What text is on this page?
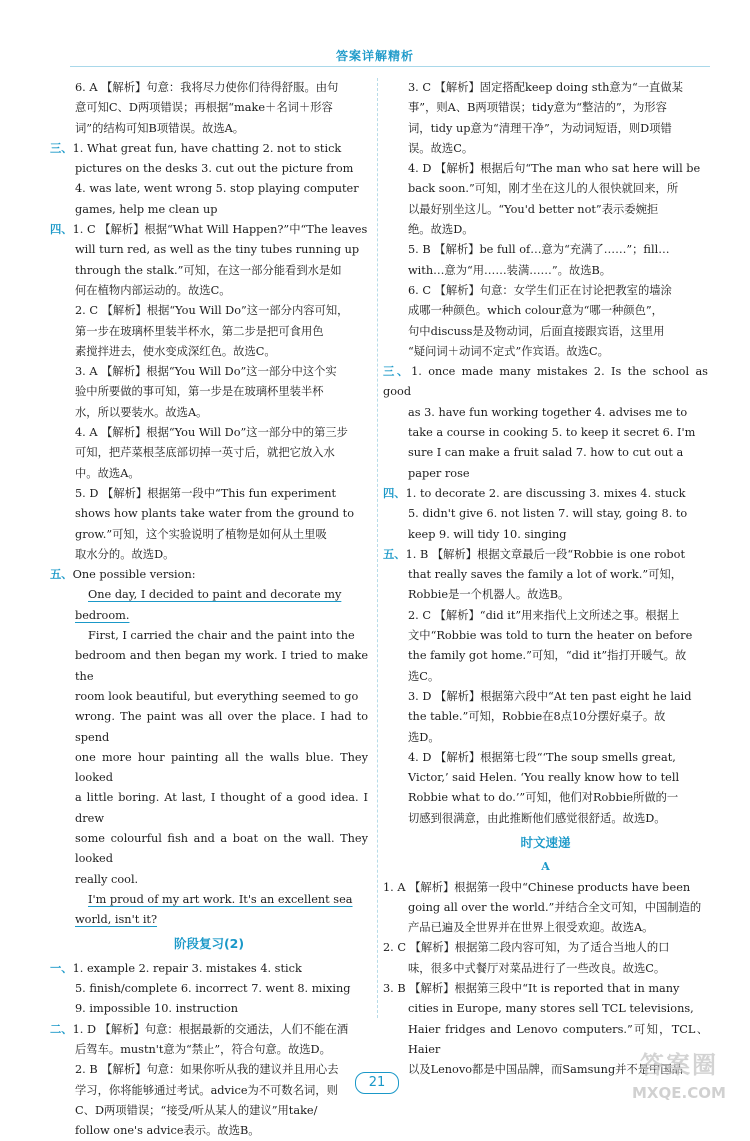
答案详解精析

6. A 【解析】句意：我将尽力使你们待得舒服。由句

意可知C、D两项错误；再根据“make＋名词＋形容

词”的结构可知B项错误。故选A。

三、1. What great fun, have chatting 2. not to stick

pictures on the desks 3. cut out the picture from

4. was late, went wrong 5. stop playing computer

games, help me clean up

四、1. C 【解析】根据“What Will Happen?”中“The leaves

will turn red, as well as the tiny tubes running up

through the stalk.”可知，在这一部分能看到水是如

何在植物内部运动的。故选C。

2. C 【解析】根据“You Will Do”这一部分内容可知，

第一步在玻璃杯里装半杯水，第二步是把可食用色

素搅拌进去，使水变成深红色。故选C。

3. A 【解析】根据“You Will Do”这一部分中这个实

验中所要做的事可知，第一步是在玻璃杯里装半杯

水，所以要装水。故选A。

4. A 【解析】根据“You Will Do”这一部分中的第三步

可知，把芹菜根茎底部切掉一英寸后，就把它放入水

中。故选A。

5. D 【解析】根据第一段中“This fun experiment

shows how plants take water from the ground to

grow.”可知，这个实验说明了植物是如何从土里吸

取水分的。故选D。

五、One possible version:

One day, I decided to paint and decorate my

bedroom.

First, I carried the chair and the paint into the

bedroom and then began my work. I tried to make the

room look beautiful, but everything seemed to go

wrong. The paint was all over the place. I had to spend

one more hour painting all the walls blue. They looked

a little boring. At last, I thought of a good idea. I drew

some colourful fish and a boat on the wall. They looked

really cool.

I'm proud of my art work. It's an excellent sea

world, isn't it?

阶段复习(2)

一、1. example 2. repair 3. mistakes 4. stick

5. finish/complete 6. incorrect 7. went 8. mixing

9. impossible 10. instruction

二、1. D 【解析】句意：根据最新的交通法，人们不能在酒

后驾车。mustn't意为“禁止”，符合句意。故选D。

2. B 【解析】句意：如果你听从我的建议并且用心去

学习，你将能够通过考试。advice为不可数名词，则

C、D两项错误；“接受/听从某人的建议”用take/

follow one's advice表示。故选B。

3. C 【解析】固定搭配keep doing sth意为“一直做某

事”，则A、B两项错误；tidy意为“整洁的”，为形容

词，tidy up意为“清理干净”，为动词短语，则D项错

误。故选C。

4. D 【解析】根据后句“The man who sat here will be

back soon.”可知，刚才坐在这儿的人很快就回来，所

以最好别坐这儿。“You'd better not”表示委婉拒

绝。故选D。

5. B 【解析】be full of…意为“充满了……”；fill…

with…意为“用……装满……”。故选B。

6. C 【解析】句意：女学生们正在讨论把教室的墙涂

成哪一种颜色。which colour意为“哪一种颜色”，

句中discuss是及物动词，后面直接跟宾语，这里用

“疑问词＋动词不定式”作宾语。故选C。

三、1. once made many mistakes 2. Is the school as good

as 3. have fun working together 4. advises me to

take a course in cooking 5. to keep it secret 6. I'm

sure I can make a fruit salad 7. how to cut out a

paper rose

四、1. to decorate 2. are discussing 3. mixes 4. stuck

5. didn't give 6. not listen 7. will stay, going 8. to

keep 9. will tidy 10. singing

五、1. B 【解析】根据文章最后一段“Robbie is one robot

that really saves the family a lot of work.”可知，

Robbie是一个机器人。故选B。

2. C 【解析】“did it”用来指代上文所述之事。根据上

文中“Robbie was told to turn the heater on before

the family got home.”可知，“did it”指打开暖气。故

选C。

3. D 【解析】根据第六段中“At ten past eight he laid

the table.”可知，Robbie在8点10分摆好桌子。故

选D。

4. D 【解析】根据第七段“‘The soup smells great,

Victor,’ said Helen. ‘You really know how to tell

Robbie what to do.’”可知，他们对Robbie所做的一

切感到很满意，由此推断他们感觉很舒适。故选D。

时文速递
A

1. A 【解析】根据第一段中“Chinese products have been

going all over the world.”并结合全文可知，中国制造的

产品已遍及全世界并在世界上很受欢迎。故选A。

2. C 【解析】根据第二段内容可知，为了适合当地人的口

味，很多中式餐厅对菜品进行了一些改良。故选C。

3. B 【解析】根据第三段中“It is reported that in many

cities in Europe, many stores sell TCL televisions,

Haier fridges and Lenovo computers.”可知，TCL、Haier

以及Lenovo都是中国品牌，而Samsung并不是中国品

21
答案圈
MXQE.COM
